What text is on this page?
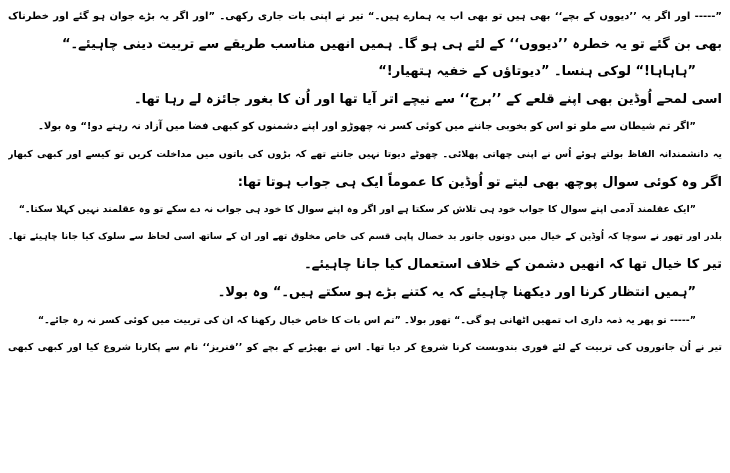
”----- اور اگر یہ ’’دیووں کے بچے‘‘ بھی ہیں تو بھی اب یہ ہمارے ہیں۔“ تیر نے اپنی بات جاری رکھی۔ ”اور اگر یہ بڑے جوان ہو گئے اور خطرناک
بھی بن گئے تو یہ خطرہ ’’دیووں‘‘ کے لئے ہی ہو گا۔ ہمیں انھیں مناسب طریقے سے تربیت دینی چاہیئے۔“
”ہاہاہا!“ لوکی ہنسا۔ ”دیوتاؤں کے خفیہ ہتھیار!“
اسی لمحے اُوڈین بھی اپنے قلعے کے ’’برج‘‘ سے نیچے اتر آیا تھا اور اُن کا بغور جائزہ لے رہا تھا۔
”اگر تم شیطان سے ملو تو اس کو بخوبی جاننے میں کوئی کسر نہ چھوڑو اور اپنے دشمنوں کو کبھی فضا میں آزاد نہ رہنے دو!“ وہ بولا۔
یہ دانشمندانہ الفاظ بولتے ہوئے اُس نے اپنی چھاتی پھلائی۔ چھوٹے دیوتا نہیں جانتے تھے کہ بڑوں کی باتوں میں مداخلت کریں تو کیسے اور کبھی کبھار
اگر وہ کوئی سوال پوچھ بھی لیتے تو اُوڈین کا عموماً ایک ہی جواب ہوتا تھا:
”ایک عقلمند آدمی اپنے سوال کا جواب خود ہی تلاش کر سکتا ہے اور اگر وہ اپنے سوال کا خود ہی جواب نہ دے سکے تو وہ عقلمند نہیں کہلا سکتا۔“
بلدر اور تھور نے سوچا کہ اُوڈین کے خیال میں دونوں جانور بد خصال پاپی قسم کی خاص مخلوق تھے اور ان کے ساتھ اسی لحاظ سے سلوک کیا جانا چاہیئے تھا۔
تیر کا خیال تھا کہ انھیں دشمن کے خلاف استعمال کیا جانا چاہیئے۔
”ہمیں انتظار کرنا اور دیکھنا چاہیئے کہ یہ کتنے بڑے ہو سکتے ہیں۔“ وہ بولا۔
”----- تو پھر یہ ذمہ داری اب تمھیں اٹھانی ہو گی۔“ تھور بولا۔ ”تم اس بات کا خاص خیال رکھنا کہ ان کی تربیت میں کوئی کسر نہ رہ جائے۔“
تیر نے اُن جانوروں کی تربیت کے لئے فوری بندوبست کرنا شروع کر دیا تھا۔ اس نے بھیڑیے کے بچے کو ’’فنریز‘‘ نام سے پکارنا شروع کیا اور کبھی کبھی
